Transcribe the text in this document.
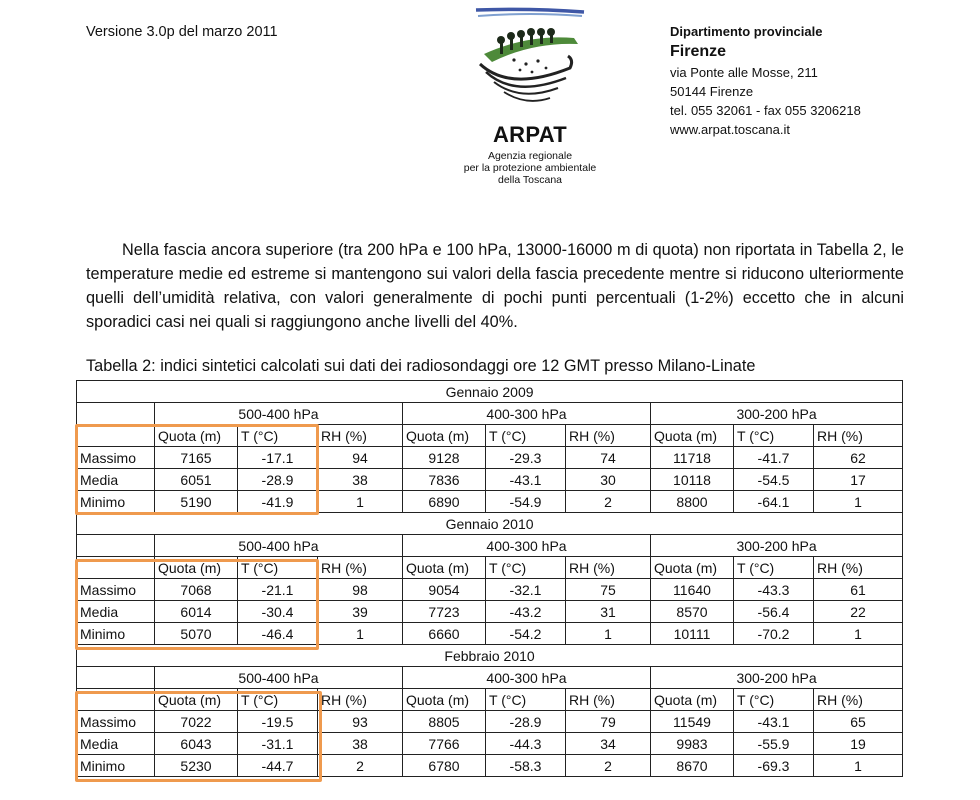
Versione 3.0p del marzo 2011
ARPAT
Agenzia regionale
per la protezione ambientale
della Toscana
Dipartimento provinciale
Firenze
via Ponte alle Mosse, 211
50144 Firenze
tel. 055 32061 - fax 055 3206218
www.arpat.toscana.it

Nella fascia ancora superiore (tra 200 hPa e 100 hPa, 13000-16000 m di quota) non riportata in Tabella 2, le temperature medie ed estreme si mantengono sui valori della fascia precedente mentre si riducono ulteriormente quelli dell’umidità relativa, con valori generalmente di pochi punti percentuali (1-2%) eccetto che in alcuni sporadici casi nei quali si raggiungono anche livelli del 40%.

Tabella 2: indici sintetici calcolati sui dati dei radiosondaggi ore 12 GMT presso Milano-Linate
Gennaio 2009									
	500-400 hPa			400-300 hPa			300-200 hPa		
	Quota (m)	T (°C)	RH (%)	Quota (m)	T (°C)	RH (%)	Quota (m)	T (°C)	RH (%)
Massimo	7165	-17.1	94	9128	-29.3	74	11718	-41.7	62
Media	6051	-28.9	38	7836	-43.1	30	10118	-54.5	17
Minimo	5190	-41.9	1	6890	-54.9	2	8800	-64.1	1
Gennaio 2010									
	500-400 hPa			400-300 hPa			300-200 hPa		
	Quota (m)	T (°C)	RH (%)	Quota (m)	T (°C)	RH (%)	Quota (m)	T (°C)	RH (%)
Massimo	7068	-21.1	98	9054	-32.1	75	11640	-43.3	61
Media	6014	-30.4	39	7723	-43.2	31	8570	-56.4	22
Minimo	5070	-46.4	1	6660	-54.2	1	10111	-70.2	1
Febbraio 2010									
	500-400 hPa			400-300 hPa			300-200 hPa		
	Quota (m)	T (°C)	RH (%)	Quota (m)	T (°C)	RH (%)	Quota (m)	T (°C)	RH (%)
Massimo	7022	-19.5	93	8805	-28.9	79	11549	-43.1	65
Media	6043	-31.1	38	7766	-44.3	34	9983	-55.9	19
Minimo	5230	-44.7	2	6780	-58.3	2	8670	-69.3	1
